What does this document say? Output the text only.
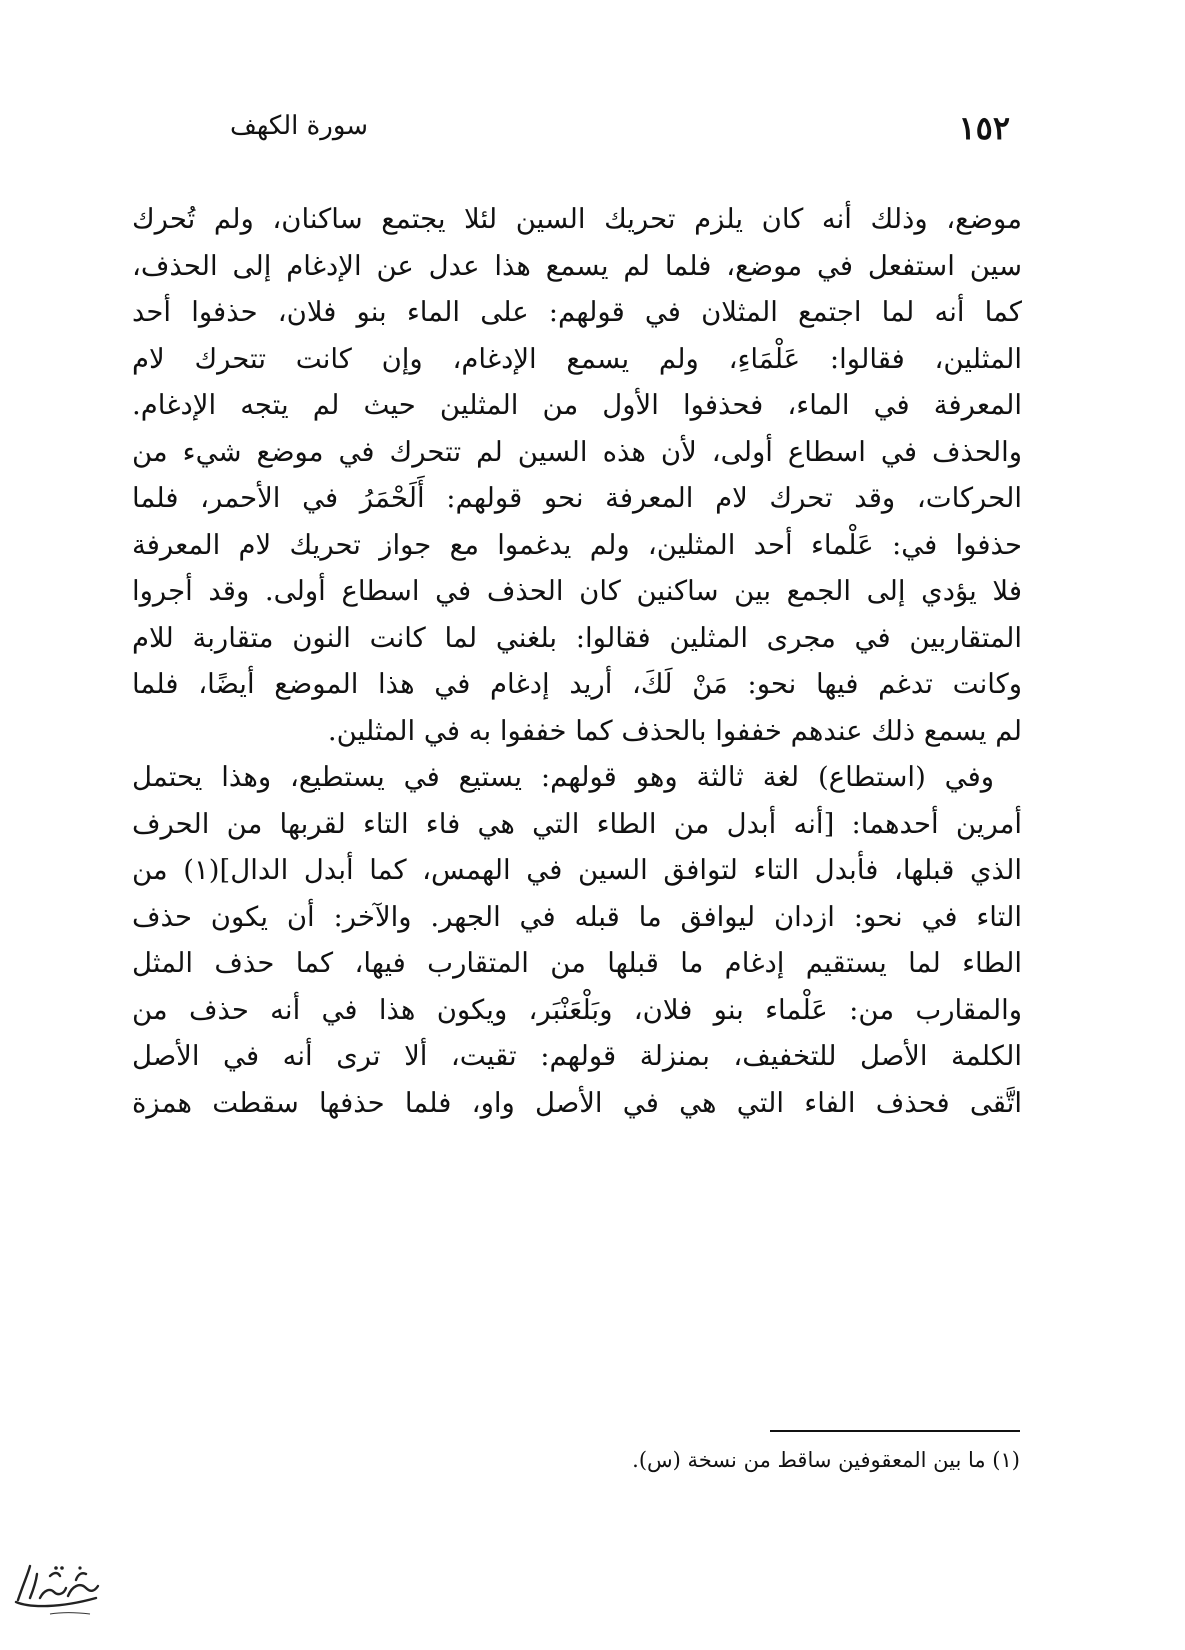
١٥٢
سورة الكهف
موضع، وذلك أنه كان يلزم تحريك السين لئلا يجتمع ساكنان، ولم تُحرك
سين استفعل في موضع، فلما لم يسمع هذا عدل عن الإدغام إلى الحذف،
كما أنه لما اجتمع المثلان في قولهم: على الماء بنو فلان، حذفوا أحد
المثلين، فقالوا: عَلْمَاءِ، ولم يسمع الإدغام، وإن كانت تتحرك لام
المعرفة في الماء، فحذفوا الأول من المثلين حيث لم يتجه الإدغام.
والحذف في اسطاع أولى، لأن هذه السين لم تتحرك في موضع شيء من
الحركات، وقد تحرك لام المعرفة نحو قولهم: أَلَحْمَرُ في الأحمر، فلما
حذفوا في: عَلْماء أحد المثلين، ولم يدغموا مع جواز تحريك لام المعرفة
فلا يؤدي إلى الجمع بين ساكنين كان الحذف في اسطاع أولى. وقد أجروا
المتقاربين في مجرى المثلين فقالوا: بلغني لما كانت النون متقاربة للام
وكانت تدغم فيها نحو: مَنْ لَكَ، أريد إدغام في هذا الموضع أيضًا، فلما
لم يسمع ذلك عندهم خففوا بالحذف كما خففوا به في المثلين.
وفي (استطاع) لغة ثالثة وهو قولهم: يستيع في يستطيع، وهذا يحتمل
أمرين أحدهما: [أنه أبدل من الطاء التي هي فاء التاء لقربها من الحرف
الذي قبلها، فأبدل التاء لتوافق السين في الهمس، كما أبدل الدال](١) من
التاء في نحو: ازدان ليوافق ما قبله في الجهر. والآخر: أن يكون حذف
الطاء لما يستقيم إدغام ما قبلها من المتقارب فيها، كما حذف المثل
والمقارب من: عَلْماء بنو فلان، وبَلْعَنْبَر، ويكون هذا في أنه حذف من
الكلمة الأصل للتخفيف، بمنزلة قولهم: تقيت، ألا ترى أنه في الأصل
اتَّقى فحذف الفاء التي هي في الأصل واو، فلما حذفها سقطت همزة
(١) ما بين المعقوفين ساقط من نسخة (س).
